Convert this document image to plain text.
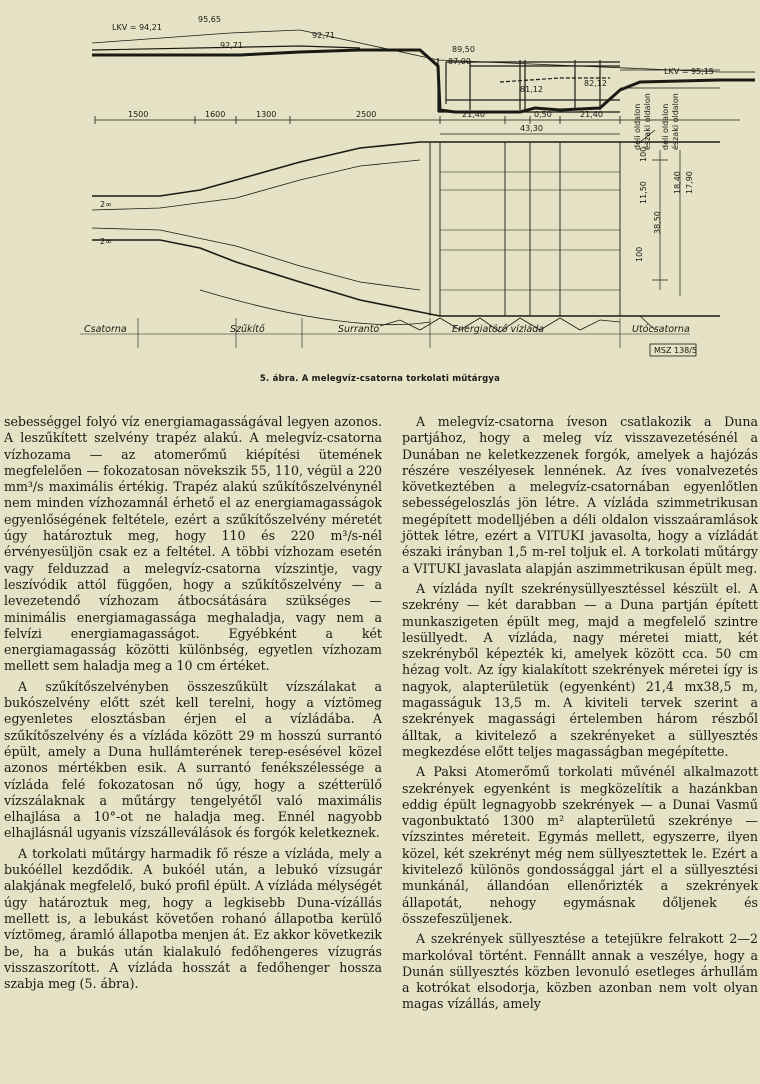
LKV = 94,21
95,65
92,71
92,71
89,50
87,00
81,12
82,12
LKV = 95,15
1500	1600	1300	2500	21,40	0,50	21,40
43,30
100
11,50
38,50
100
18,40 17,90
déli oldalon északi oldalon déli oldalon északi oldalon
2∞
2∞
Csatorna	Szűkítő	Surrantó	Energiatörő vízláda	Utócsatorna
MSZ 138/5
5. ábra. A melegvíz-csatorna torkolati műtárgya

sebességgel folyó víz energiamagasságával legyen azonos. A leszűkített szelvény trapéz alakú. A melegvíz-csatorna vízhozama — az atomerőmű kiépítési ütemének megfelelően — fokozatosan növekszik 55, 110, végül a 220 mm³/s maximális értékig. Trapéz alakú szűkítőszelvénynél nem minden vízhozamnál érhető el az energiamagasságok egyenlőségének feltétele, ezért a szűkítőszelvény méretét úgy határoztuk meg, hogy 110 és 220 m³/s-nél érvényesüljön csak ez a feltétel. A többi vízhozam esetén vagy felduzzad a melegvíz-csatorna vízszintje, vagy leszívódik attól függően, hogy a szűkítőszelvény — a levezetendő vízhozam átbocsátására szükséges — minimális energiamagassága meghaladja, vagy nem a felvízi energiamagasságot. Egyébként a két energiamagasság közötti különbség, egyetlen vízhozam mellett sem haladja meg a 10 cm értéket.

A szűkítőszelvényben összeszűkült vízszálakat a bukószelvény előtt szét kell terelni, hogy a víztömeg egyenletes elosztásban érjen el a vízládába. A szűkítőszelvény és a vízláda között 29 m hosszú surrantó épült, amely a Duna hullámterének terep-esésével közel azonos mértékben esik. A surrantó fenékszélessége a vízláda felé fokozatosan nő úgy, hogy a szétterülő vízszálaknak a műtárgy tengelyétől való maximális elhajlása a 10°-ot ne haladja meg. Ennél nagyobb elhajlásnál ugyanis vízszálleválások és forgók keletkeznek.

A torkolati műtárgy harmadik fő része a vízláda, mely a bukóéllel kezdődik. A bukóél után, a lebukó vízsugár alakjának megfelelő, bukó profil épült. A vízláda mélységét úgy határoztuk meg, hogy a legkisebb Duna-vízállás mellett is, a lebukást követően rohanó állapotba kerülő víztömeg, áramló állapotba menjen át. Ez akkor következik be, ha a bukás után kialakuló fedőhengeres vízugrás visszaszorított. A vízláda hosszát a fedőhenger hossza szabja meg (5. ábra).

A melegvíz-csatorna íveson csatlakozik a Duna partjához, hogy a meleg víz visszavezetésénél a Dunában ne keletkezzenek forgók, amelyek a hajózás részére veszélyesek lennének. Az íves vonalvezetés következtében a melegvíz-csatornában egyenlőtlen sebességeloszlás jön létre. A vízláda szimmetrikusan megépített modelljében a déli oldalon visszaáramlások jöttek létre, ezért a VITUKI javasolta, hogy a vízládát északi irányban 1,5 m-rel toljuk el. A torkolati műtárgy a VITUKI javaslata alapján aszimmetrikusan épült meg.

A vízláda nyílt szekrénysüllyesztéssel készült el. A szekrény — két darabban — a Duna partján épített munkaszigeten épült meg, majd a megfelelő szintre lesüllyedt. A vízláda, nagy méretei miatt, két szekrényből képezték ki, amelyek között cca. 50 cm hézag volt. Az így kialakított szekrények méretei így is nagyok, alapterületük (egyenként) 21,4 mx38,5 m, magasságuk 13,5 m. A kiviteli tervek szerint a szekrények magassági értelemben három részből álltak, a kivitelező a szekrényeket a süllyesztés megkezdése előtt teljes magasságban megépítette.

A Paksi Atomerőmű torkolati művénél alkalmazott szekrények egyenként is megközelítik a hazánkban eddig épült legnagyobb szekrények — a Dunai Vasmű vagonbuktató 1300 m² alapterületű szekrénye — vízszintes méreteit. Egymás mellett, egyszerre, ilyen közel, két szekrényt még nem süllyesztettek le. Ezért a kivitelező különös gondossággal járt el a süllyesztési munkánál, állandóan ellenőrizték a szekrények állapotát, nehogy egymásnak dőljenek és összefeszüljenek.

A szekrények süllyesztése a tetejükre felrakott 2—2 markolóval történt. Fennállt annak a veszélye, hogy a Dunán süllyesztés közben levonuló esetleges árhullám a kotrókat elsodorja, közben azonban nem volt olyan magas vízállás, amely
